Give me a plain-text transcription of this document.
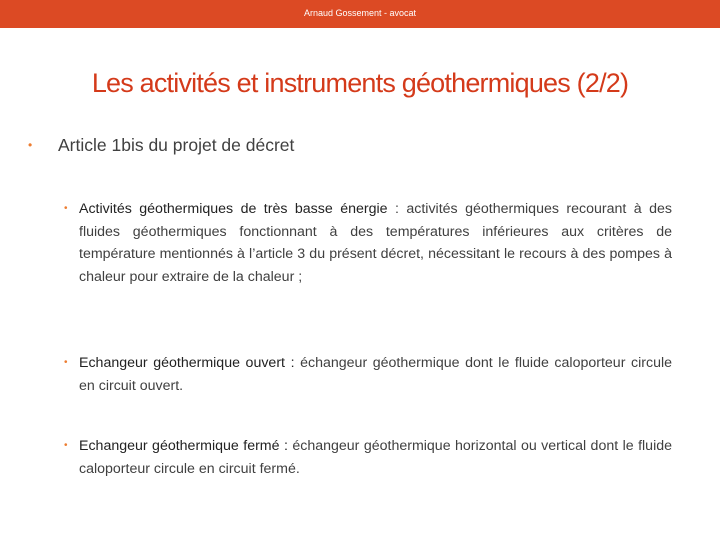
Arnaud Gossement - avocat
Les activités et instruments géothermiques (2/2)
• Article 1bis du projet de décret
• Activités géothermiques de très basse énergie : activités géothermiques recourant à des fluides géothermiques fonctionnant à des températures inférieures aux critères de température mentionnés à l’article 3 du présent décret, nécessitant le recours à des pompes à chaleur pour extraire de la chaleur ;
• Echangeur géothermique ouvert : échangeur géothermique dont le fluide caloporteur circule en circuit ouvert.
• Echangeur géothermique fermé : échangeur géothermique horizontal ou vertical dont le fluide caloporteur circule en circuit fermé.
